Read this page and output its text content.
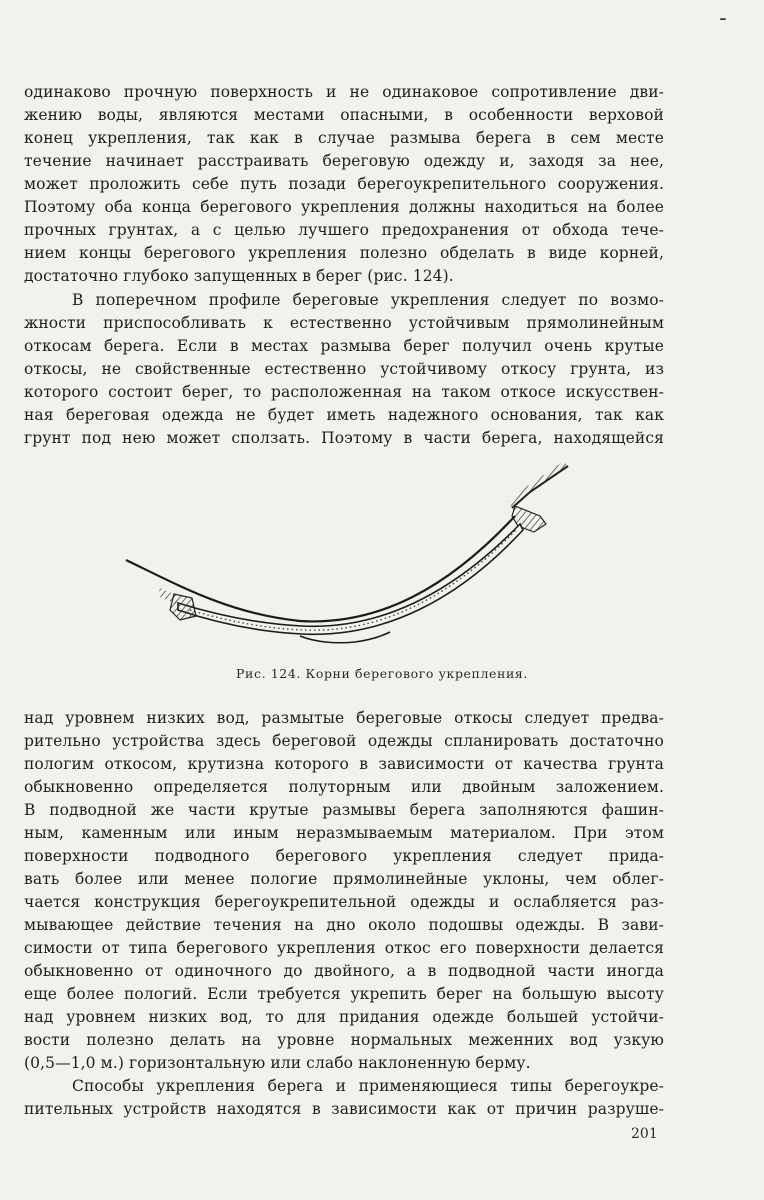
-
одинаково прочную поверхность и не одинаковое сопротивление дви-
жению воды, являются местами опасными, в особенности верховой
конец укрепления, так как в случае размыва берега в сем месте
течение начинает расстраивать береговую одежду и, заходя за нее,
может проложить себе путь позади берегоукрепительного сооружения.
Поэтому оба конца берегового укрепления должны находиться на более
прочных грунтах, а с целью лучшего предохранения от обхода тече-
нием концы берегового укрепления полезно обделать в виде корней,
достаточно глубоко запущенных в берег (рис. 124).
В поперечном профиле береговые укрепления следует по возмо-
жности приспособливать к естественно устойчивым прямолинейным
откосам берега. Если в местах размыва берег получил очень крутые
откосы, не свойственные естественно устойчивому откосу грунта, из
которого состоит берег, то расположенная на таком откосе искусствен-
ная береговая одежда не будет иметь надежного основания, так как
грунт под нею может сползать. Поэтому в части берега, находящейся
Рис. 124. Корни берегового укрепления.
над уровнем низких вод, размытые береговые откосы следует предва-
рительно устройства здесь береговой одежды спланировать достаточно
пологим откосом, крутизна которого в зависимости от качества грунта
обыкновенно определяется полуторным или двойным заложением.
В подводной же части крутые размывы берега заполняются фашин-
ным, каменным или иным неразмываемым материалом. При этом
поверхности подводного берегового укрепления следует прида-
вать более или менее пологие прямолинейные уклоны, чем облег-
чается конструкция берегоукрепительной одежды и ослабляется раз-
мывающее действие течения на дно около подошвы одежды. В зави-
симости от типа берегового укрепления откос его поверхности делается
обыкновенно от одиночного до двойного, а в подводной части иногда
еще более пологий. Если требуется укрепить берег на большую высоту
над уровнем низких вод, то для придания одежде большей устойчи-
вости полезно делать на уровне нормальных меженних вод узкую
(0,5—1,0 м.) горизонтальную или слабо наклоненную берму.
Способы укрепления берега и применяющиеся типы берегоукре-
пительных устройств находятся в зависимости как от причин разруше-
201
